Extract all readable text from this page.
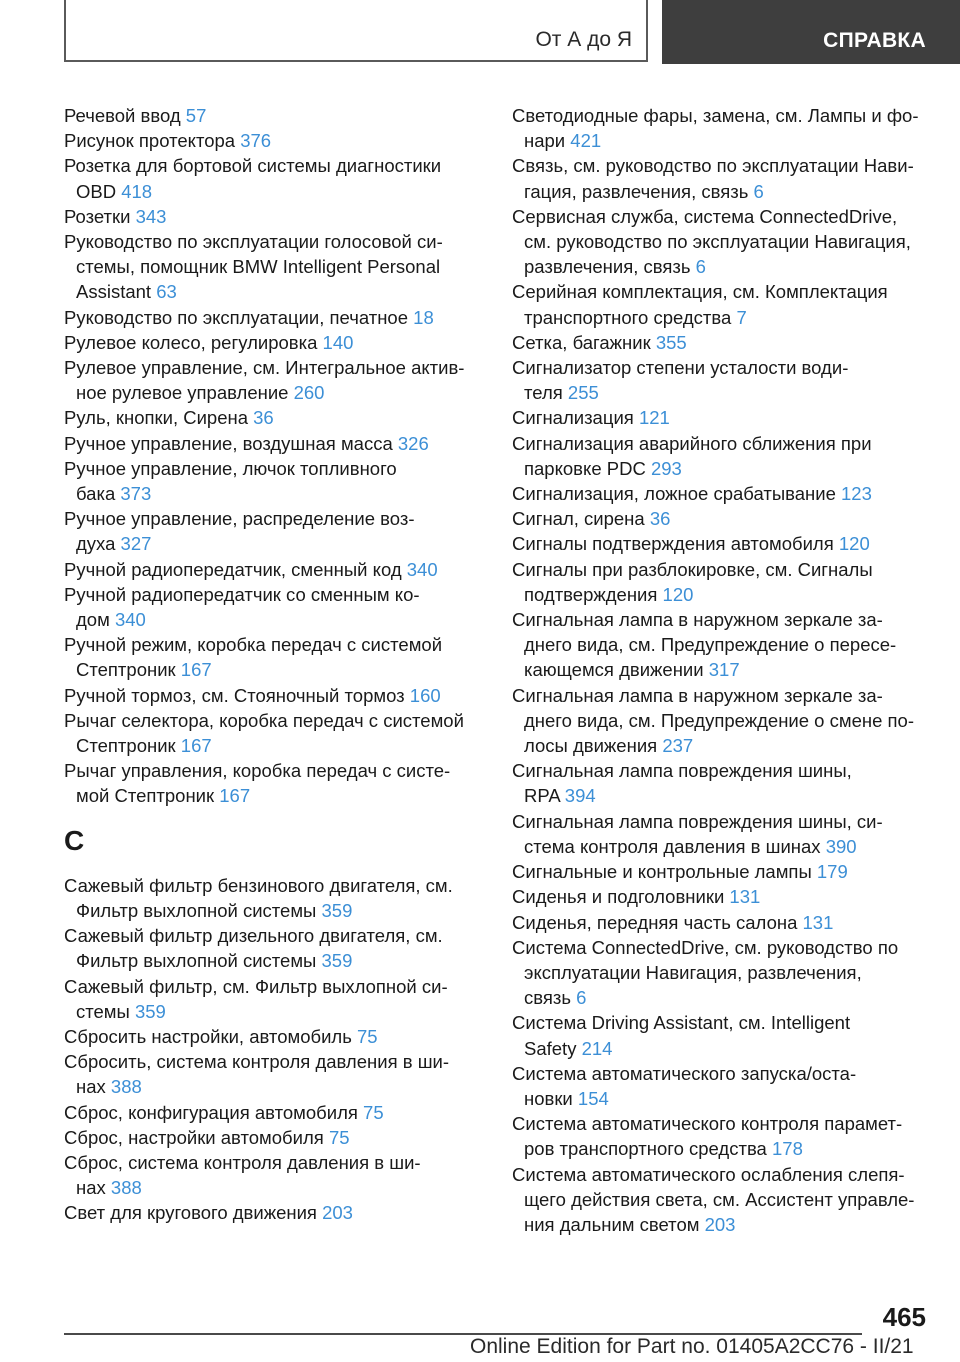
От А до Я	СПРАВКА
Речевой ввод 57
Рисунок протектора 376
Розетка для бортовой системы диагностики
OBD 418
Розетки 343
Руководство по эксплуатации голосовой си‐
стемы, помощник BMW Intelligent Personal
Assistant 63
Руководство по эксплуатации, печатное 18
Рулевое колесо, регулировка 140
Рулевое управление, см. Интегральное актив‐
ное рулевое управление 260
Руль, кнопки, Сирена 36
Ручное управление, воздушная масса 326
Ручное управление, лючок топливного
бака 373
Ручное управление, распределение воз‐
духа 327
Ручной радиопередатчик, сменный код 340
Ручной радиопередатчик со сменным ко‐
дом 340
Ручной режим, коробка передач с системой
Стептроник 167
Ручной тормоз, см. Стояночный тормоз 160
Рычаг селектора, коробка передач с системой
Стептроник 167
Рычаг управления, коробка передач с систе‐
мой Стептроник 167
С
Сажевый фильтр бензинового двигателя, см.
Фильтр выхлопной системы 359
Сажевый фильтр дизельного двигателя, см.
Фильтр выхлопной системы 359
Сажевый фильтр, см. Фильтр выхлопной си‐
стемы 359
Сбросить настройки, автомобиль 75
Сбросить, система контроля давления в ши‐
нах 388
Сброс, конфигурация автомобиля 75
Сброс, настройки автомобиля 75
Сброс, система контроля давления в ши‐
нах 388
Свет для кругового движения 203
Светодиодные фары, замена, см. Лампы и фо‐
нари 421
Связь, см. руководство по эксплуатации Нави‐
гация, развлечения, связь 6
Сервисная служба, система ConnectedDrive,
см. руководство по эксплуатации Навигация,
развлечения, связь 6
Серийная комплектация, см. Комплектация
транспортного средства 7
Сетка, багажник 355
Сигнализатор степени усталости води‐
теля 255
Сигнализация 121
Сигнализация аварийного сближения при
парковке PDC 293
Сигнализация, ложное срабатывание 123
Сигнал, сирена 36
Сигналы подтверждения автомобиля 120
Сигналы при разблокировке, см. Сигналы
подтверждения 120
Сигнальная лампа в наружном зеркале за‐
днего вида, см. Предупреждение о пересе‐
кающемся движении 317
Сигнальная лампа в наружном зеркале за‐
днего вида, см. Предупреждение о смене по‐
лосы движения 237
Сигнальная лампа повреждения шины,
RPA 394
Сигнальная лампа повреждения шины, си‐
стема контроля давления в шинах 390
Сигнальные и контрольные лампы 179
Сиденья и подголовники 131
Сиденья, передняя часть салона 131
Система ConnectedDrive, см. руководство по
эксплуатации Навигация, развлечения,
связь 6
Система Driving Assistant, см. Intelligent
Safety 214
Система автоматического запуска/оста‐
новки 154
Система автоматического контроля парамет‐
ров транспортного средства 178
Система автоматического ослабления слепя‐
щего действия света, см. Ассистент управле‐
ния дальним светом 203
465
Online Edition for Part no. 01405A2CC76 - II/21
